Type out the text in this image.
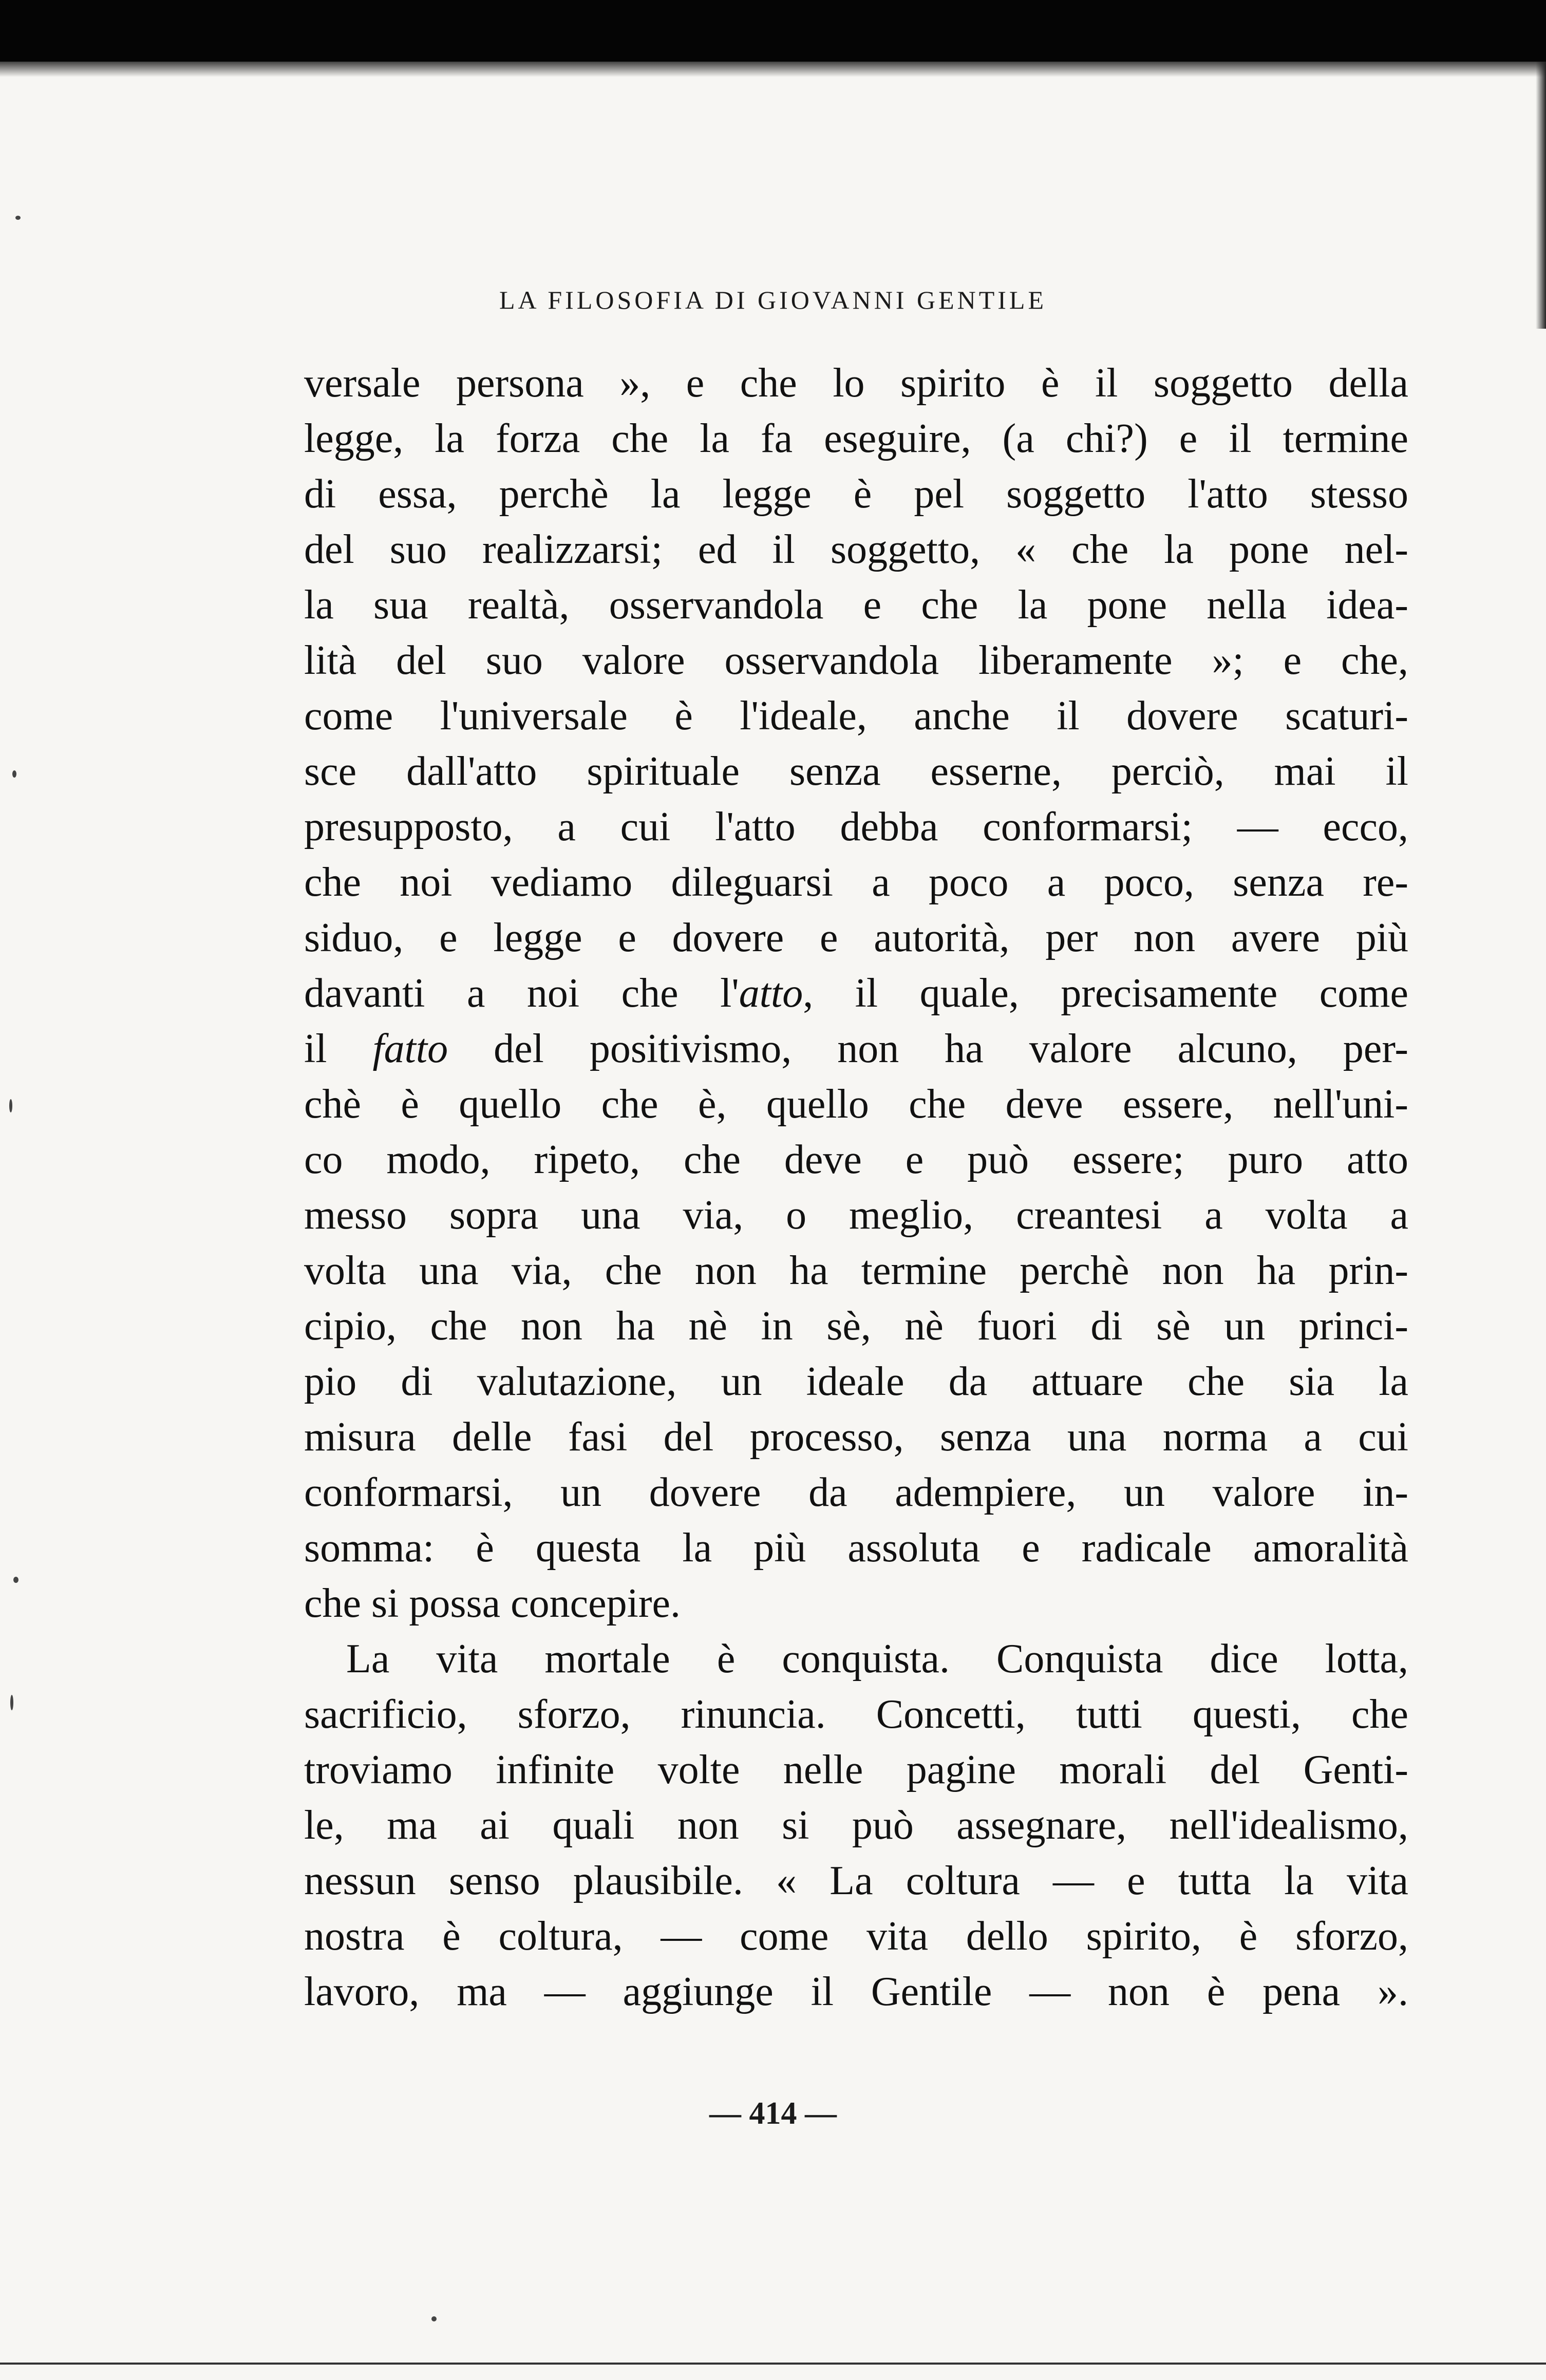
LA FILOSOFIA DI GIOVANNI GENTILE
versale persona », e che lo spirito è il soggetto della
legge, la forza che la fa eseguire, (a chi?) e il termine
di essa, perchè la legge è pel soggetto l'atto stesso
del suo realizzarsi; ed il soggetto, « che la pone nel-
la sua realtà, osservandola e che la pone nella idea-
lità del suo valore osservandola liberamente »; e che,
come l'universale è l'ideale, anche il dovere scaturi-
sce dall'atto spirituale senza esserne, perciò, mai il
presupposto, a cui l'atto debba conformarsi; — ecco,
che noi vediamo dileguarsi a poco a poco, senza re-
siduo, e legge e dovere e autorità, per non avere più
davanti a noi che l'atto, il quale, precisamente come
il fatto del positivismo, non ha valore alcuno, per-
chè è quello che è, quello che deve essere, nell'uni-
co modo, ripeto, che deve e può essere; puro atto
messo sopra una via, o meglio, creantesi a volta a
volta una via, che non ha termine perchè non ha prin-
cipio, che non ha nè in sè, nè fuori di sè un princi-
pio di valutazione, un ideale da attuare che sia la
misura delle fasi del processo, senza una norma a cui
conformarsi, un dovere da adempiere, un valore in-
somma: è questa la più assoluta e radicale amoralità
che si possa concepire.
La vita mortale è conquista. Conquista dice lotta,
sacrificio, sforzo, rinuncia. Concetti, tutti questi, che
troviamo infinite volte nelle pagine morali del Genti-
le, ma ai quali non si può assegnare, nell'idealismo,
nessun senso plausibile. « La coltura — e tutta la vita
nostra è coltura, — come vita dello spirito, è sforzo,
lavoro, ma — aggiunge il Gentile — non è pena ».
— 414 —
